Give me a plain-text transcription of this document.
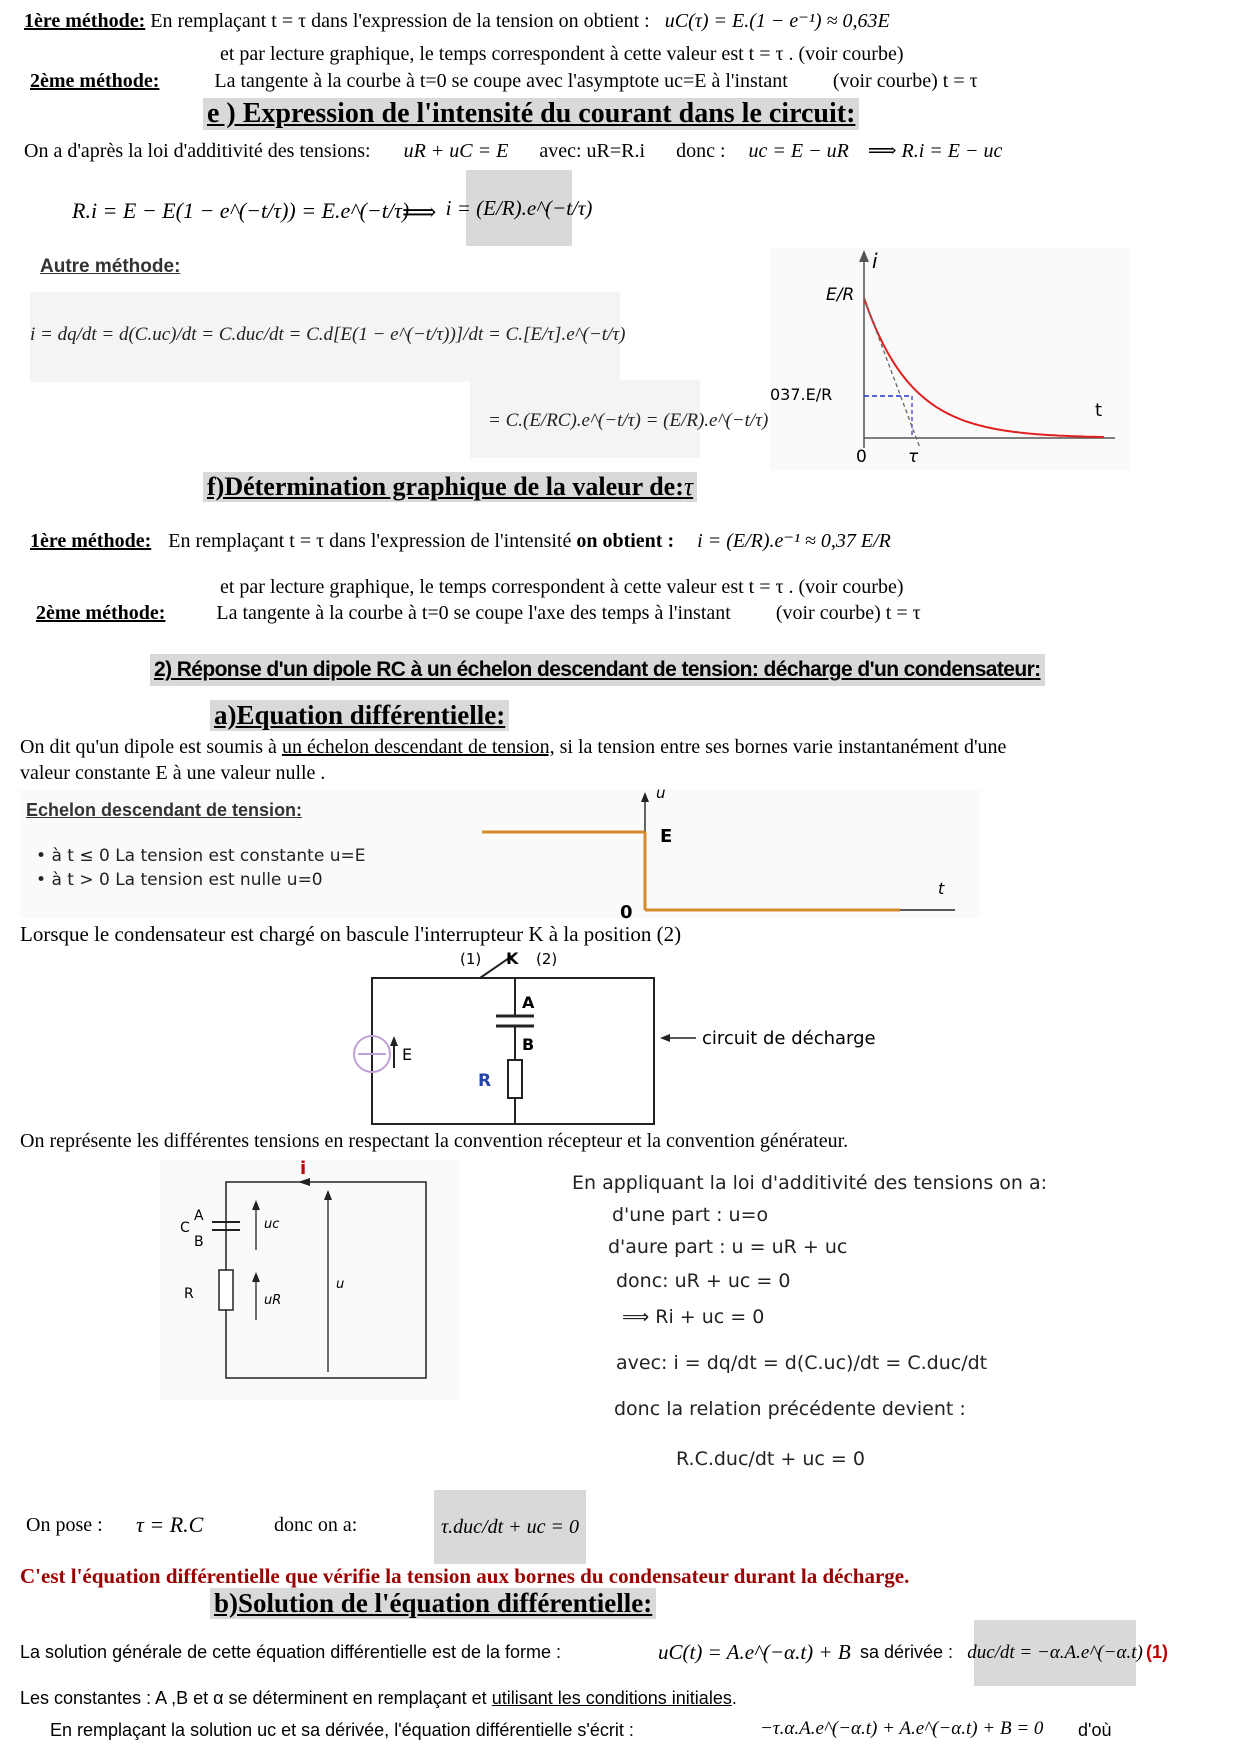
1ère méthode: En remplaçant t = τ dans l'expression de la tension on obtient : uC(τ) = E.(1 − e⁻¹) ≈ 0,63E
et par lecture graphique, le temps correspondent à cette valeur est t = τ . (voir courbe)
2ème méthode:	La tangente à la courbe à t=0 se coupe avec l'asymptote uc=E à l'instant (voir courbe) t = τ
e ) Expression de l'intensité du courant dans le circuit:
On a d'après la loi d'additivité des tensions: uR + uC = E avec: uR=R.i donc : uc = E − uR ⟹ R.i = E − uc
R.i = E − E(1 − e^(−t/τ)) = E.e^(−t/τ)
⟹ i = (E/R).e^(−t/τ)
Autre méthode:
i = dq/dt = d(C.uc)/dt = C.duc/dt = C.d[E(1 − e^(−t/τ))]/dt = C.[E/τ].e^(−t/τ)
= C.(E/RC).e^(−t/τ) = (E/R).e^(−t/τ)
i
t
E/R
037.E/R
0 τ
f)Détermination graphique de la valeur de:τ
1ère méthode: En remplaçant t = τ dans l'expression de l'intensité on obtient : i = (E/R).e⁻¹ ≈ 0,37 E/R
et par lecture graphique, le temps correspondent à cette valeur est t = τ . (voir courbe)
2ème méthode:	La tangente à la courbe à t=0 se coupe l'axe des temps à l'instant (voir courbe) t = τ
2) Réponse d'un dipole RC à un échelon descendant de tension: décharge d'un condensateur:
a)Equation différentielle:
On dit qu'un dipole est soumis à un échelon descendant de tension, si la tension entre ses bornes varie instantanément d'une
valeur constante E à une valeur nulle .
Echelon descendant de tension:
• à t ≤ 0 La tension est constante u=E
• à t > 0 La tension est nulle u=0
u
E
0
t
Lorsque le condensateur est chargé on bascule l'interrupteur K à la position (2)
(1) K (2)
A
B
E
R
circuit de décharge
On représente les différentes tensions en respectant la convention récepteur et la convention générateur.
i
A
C
B
R
uc
uR
u
En appliquant la loi d'additivité des tensions on a:
d'une part : u=o
d'aure part : u = uR + uc
donc: uR + uc = 0
⟹ Ri + uc = 0
avec: i = dq/dt = d(C.uc)/dt = C.duc/dt
donc la relation précédente devient :
R.C.duc/dt + uc = 0
On pose : τ = R.C	donc on a:	τ.duc/dt + uc = 0
C'est l'équation différentielle que vérifie la tension aux bornes du condensateur durant la décharge.
b)Solution de l'équation différentielle:
La solution générale de cette équation différentielle est de la forme :	uC(t) = A.e^(−α.t) + B sa dérivée : duc/dt = −α.A.e^(−α.t) (1)
Les constantes : A ,B et α se déterminent en remplaçant et utilisant les conditions initiales.
En remplaçant la solution uc et sa dérivée, l'équation différentielle s'écrit :	−τ.α.A.e^(−α.t) + A.e^(−α.t) + B = 0 d'où
